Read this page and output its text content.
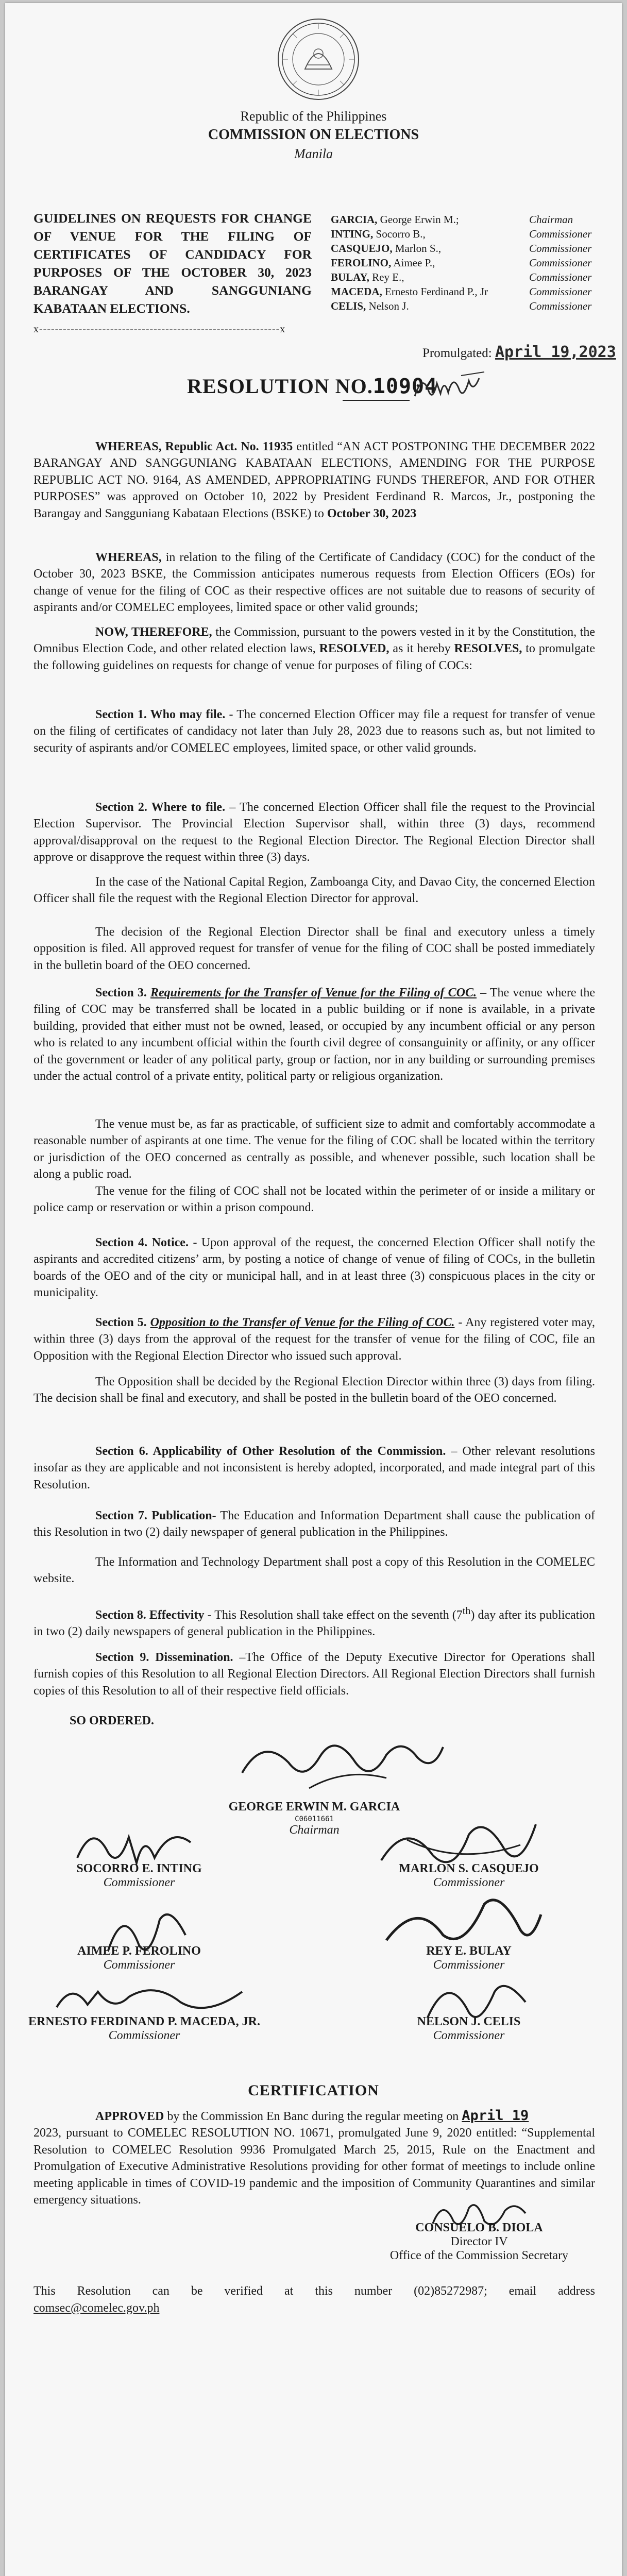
Republic of the Philippines
COMMISSION ON ELECTIONS
Manila
GUIDELINES ON REQUESTS FOR CHANGE OF VENUE FOR THE FILING OF CERTIFICATES OF CANDIDACY FOR PURPOSES OF THE OCTOBER 30, 2023 BARANGAY AND SANGGUNIANG KABATAAN ELECTIONS.
x-------------------------------------------------------------x
GARCIA, George Erwin M.;	Chairman
INTING, Socorro B.,	Commissioner
CASQUEJO, Marlon S.,	Commissioner
FEROLINO, Aimee P.,	Commissioner
BULAY, Rey E.,	Commissioner
MACEDA, Ernesto Ferdinand P., Jr	Commissioner
CELIS, Nelson J.	Commissioner
Promulgated: April 19,2023
RESOLUTION NO.10904
WHEREAS, Republic Act. No. 11935 entitled “AN ACT POSTPONING THE DECEMBER 2022 BARANGAY AND SANGGUNIANG KABATAAN ELECTIONS, AMENDING FOR THE PURPOSE REPUBLIC ACT NO. 9164, AS AMENDED, APPROPRIATING FUNDS THEREFOR, AND FOR OTHER PURPOSES” was approved on October 10, 2022 by President Ferdinand R. Marcos, Jr., postponing the Barangay and Sangguniang Kabataan Elections (BSKE) to October 30, 2023
WHEREAS, in relation to the filing of the Certificate of Candidacy (COC) for the conduct of the October 30, 2023 BSKE, the Commission anticipates numerous requests from Election Officers (EOs) for change of venue for the filing of COC as their respective offices are not suitable due to reasons of security of aspirants and/or COMELEC employees, limited space or other valid grounds;
NOW, THEREFORE, the Commission, pursuant to the powers vested in it by the Constitution, the Omnibus Election Code, and other related election laws, RESOLVED, as it hereby RESOLVES, to promulgate the following guidelines on requests for change of venue for purposes of filing of COCs:
Section 1. Who may file. - The concerned Election Officer may file a request for transfer of venue on the filing of certificates of candidacy not later than July 28, 2023 due to reasons such as, but not limited to security of aspirants and/or COMELEC employees, limited space, or other valid grounds.
Section 2. Where to file. – The concerned Election Officer shall file the request to the Provincial Election Supervisor. The Provincial Election Supervisor shall, within three (3) days, recommend approval/disapproval on the request to the Regional Election Director. The Regional Election Director shall approve or disapprove the request within three (3) days.
In the case of the National Capital Region, Zamboanga City, and Davao City, the concerned Election Officer shall file the request with the Regional Election Director for approval.
The decision of the Regional Election Director shall be final and executory unless a timely opposition is filed. All approved request for transfer of venue for the filing of COC shall be posted immediately in the bulletin board of the OEO concerned.
Section 3. Requirements for the Transfer of Venue for the Filing of COC. – The venue where the filing of COC may be transferred shall be located in a public building or if none is available, in a private building, provided that either must not be owned, leased, or occupied by any incumbent official or any person who is related to any incumbent official within the fourth civil degree of consanguinity or affinity, or any officer of the government or leader of any political party, group or faction, nor in any building or surrounding premises under the actual control of a private entity, political party or religious organization.
The venue must be, as far as practicable, of sufficient size to admit and comfortably accommodate a reasonable number of aspirants at one time. The venue for the filing of COC shall be located within the territory or jurisdiction of the OEO concerned as centrally as possible, and whenever possible, such location shall be along a public road.
The venue for the filing of COC shall not be located within the perimeter of or inside a military or police camp or reservation or within a prison compound.
Section 4. Notice. - Upon approval of the request, the concerned Election Officer shall notify the aspirants and accredited citizens’ arm, by posting a notice of change of venue of filing of COCs, in the bulletin boards of the OEO and of the city or municipal hall, and in at least three (3) conspicuous places in the city or municipality.
Section 5. Opposition to the Transfer of Venue for the Filing of COC. - Any registered voter may, within three (3) days from the approval of the request for the transfer of venue for the filing of COC, file an Opposition with the Regional Election Director who issued such approval.
The Opposition shall be decided by the Regional Election Director within three (3) days from filing. The decision shall be final and executory, and shall be posted in the bulletin board of the OEO concerned.
Section 6. Applicability of Other Resolution of the Commission. – Other relevant resolutions insofar as they are applicable and not inconsistent is hereby adopted, incorporated, and made integral part of this Resolution.
Section 7. Publication- The Education and Information Department shall cause the publication of this Resolution in two (2) daily newspaper of general publication in the Philippines.
The Information and Technology Department shall post a copy of this Resolution in the COMELEC website.
Section 8. Effectivity - This Resolution shall take effect on the seventh (7th) day after its publication in two (2) daily newspapers of general publication in the Philippines.
Section 9. Dissemination. –The Office of the Deputy Executive Director for Operations shall furnish copies of this Resolution to all Regional Election Directors. All Regional Election Directors shall furnish copies of this Resolution to all of their respective field officials.
SO ORDERED.
GEORGE ERWIN M. GARCIA
C06011661
Chairman
SOCORRO E. INTING
Commissioner
MARLON S. CASQUEJO
Commissioner
AIMEE P. FEROLINO
Commissioner
REY E. BULAY
Commissioner
ERNESTO FERDINAND P. MACEDA, JR.
Commissioner
NELSON J. CELIS
Commissioner
CERTIFICATION
APPROVED by the Commission En Banc during the regular meeting on April 19
2023, pursuant to COMELEC RESOLUTION NO. 10671, promulgated June 9, 2020 entitled: “Supplemental Resolution to COMELEC Resolution 9936 Promulgated March 25, 2015, Rule on the Enactment and Promulgation of Executive Administrative Resolutions providing for other format of meetings to include online meeting applicable in times of COVID-19 pandemic and the imposition of Community Quarantines and similar emergency situations.
CONSUELO B. DIOLA
Director IV
Office of the Commission Secretary
This Resolution can be verified at this number (02)85272987; email address
comsec@comelec.gov.ph
